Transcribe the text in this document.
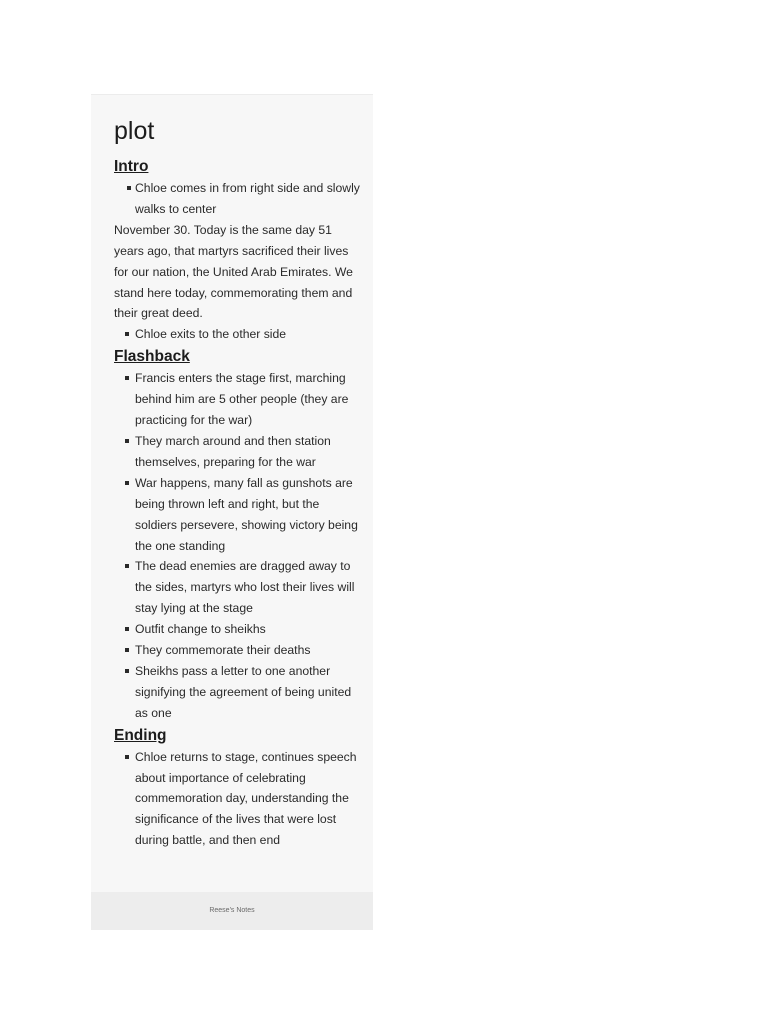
plot
Intro
Chloe comes in from right side and slowly walks to center

November 30. Today is the same day 51 years ago, that martyrs sacrificed their lives for our nation, the United Arab Emirates. We stand here today, commemorating them and their great deed.

Chloe exits to the other side
Flashback
Francis enters the stage first, marching behind him are 5 other people (they are practicing for the war)
They march around and then station themselves, preparing for the war
War happens, many fall as gunshots are being thrown left and right, but the soldiers persevere, showing victory being the one standing
The dead enemies are dragged away to the sides, martyrs who lost their lives will stay lying at the stage
Outfit change to sheikhs
They commemorate their deaths
Sheikhs pass a letter to one another signifying the agreement of being united as one
Ending
Chloe returns to stage, continues speech about importance of celebrating commemoration day, understanding the significance of the lives that were lost during battle, and then end
Reese's Notes
